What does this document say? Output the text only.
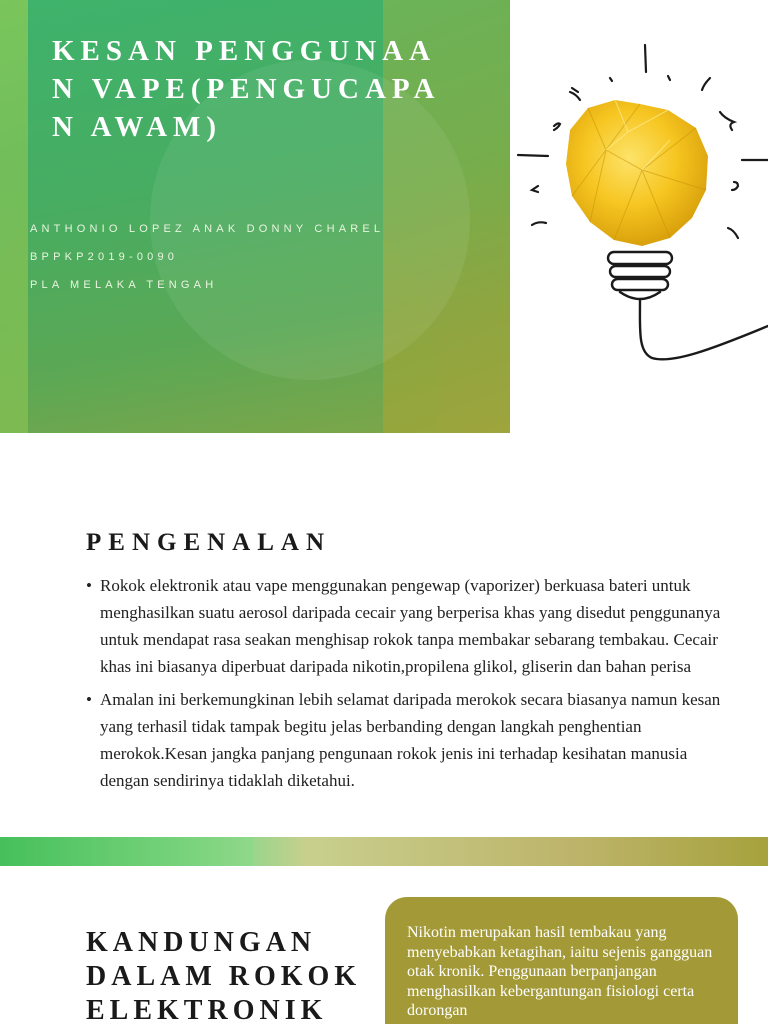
KESAN PENGGUNAAN VAPE(PENGUCAPAN AWAM)

ANTHONIO LOPEZ ANAK DONNY CHAREL

BPPKP2019-0090

PLA MELAKA TENGAH

PENGENALAN
• Rokok elektronik atau vape menggunakan pengewap (vaporizer) berkuasa bateri untuk menghasilkan suatu aerosol daripada cecair yang berperisa khas yang disedut penggunanya untuk mendapat rasa seakan menghisap rokok tanpa membakar sebarang tembakau. Cecair khas ini biasanya diperbuat daripada nikotin,propilena glikol, gliserin dan bahan perisa
• Amalan ini berkemungkinan lebih selamat daripada merokok secara biasanya namun kesan yang terhasil tidak tampak begitu jelas berbanding dengan langkah penghentian merokok.Kesan jangka panjang pengunaan rokok jenis ini terhadap kesihatan manusia dengan sendirinya tidaklah diketahui.
KANDUNGAN DALAM ROKOK ELEKTRONIK

Nikotin merupakan hasil tembakau yang menyebabkan ketagihan, iaitu sejenis gangguan otak kronik. Penggunaan berpanjangan menghasilkan kebergantungan fisiologi certa dorongan
